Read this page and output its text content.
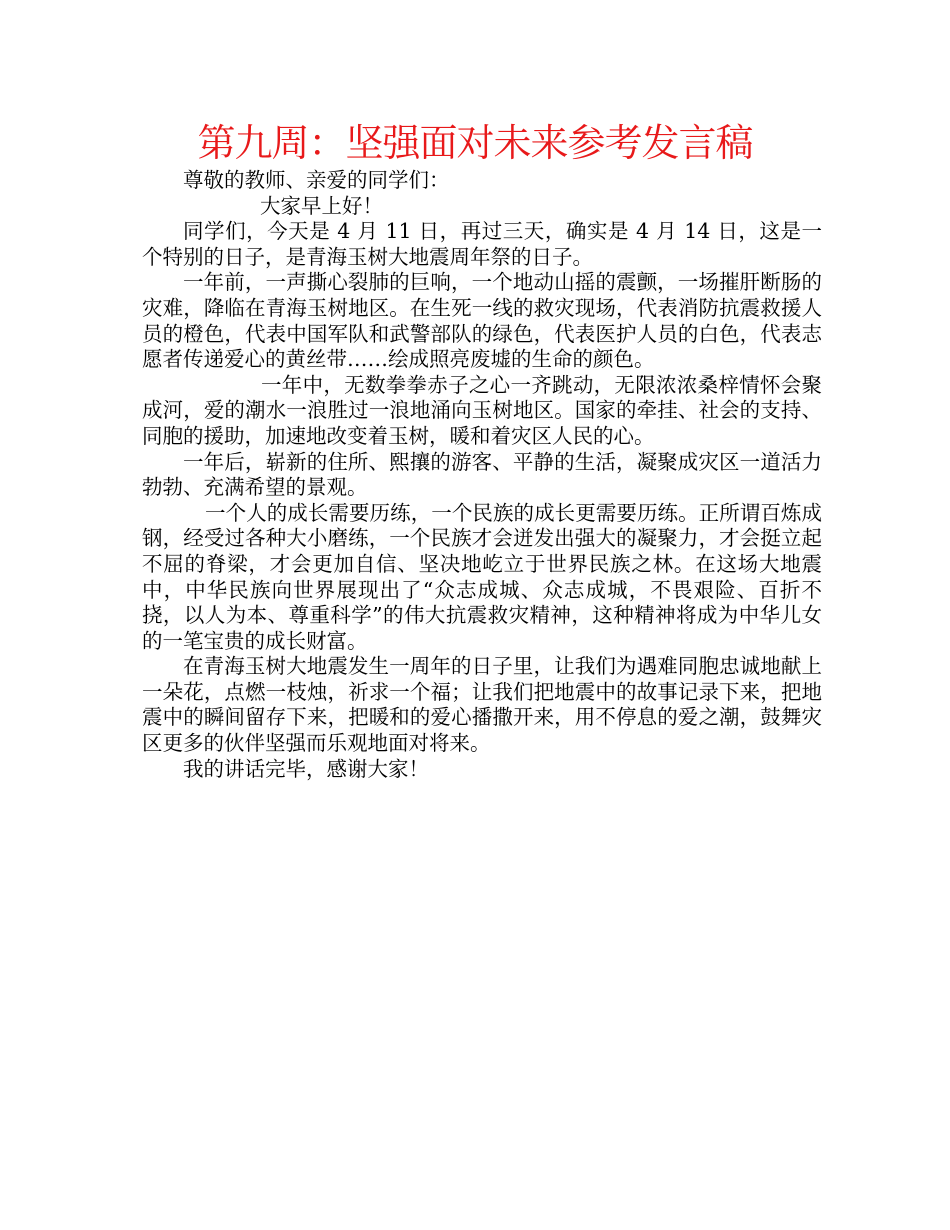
第九周：坚强面对未来参考发言稿

尊敬的教师、亲爱的同学们：

大家早上好！

同学们，今天是 4 月 11 日，再过三天，确实是 4 月 14 日，这是一个特别的日子，是青海玉树大地震周年祭的日子。

一年前，一声撕心裂肺的巨响，一个地动山摇的震颤，一场摧肝断肠的灾难，降临在青海玉树地区。在生死一线的救灾现场，代表消防抗震救援人员的橙色，代表中国军队和武警部队的绿色，代表医护人员的白色，代表志愿者传递爱心的黄丝带……绘成照亮废墟的生命的颜色。

一年中，无数拳拳赤子之心一齐跳动，无限浓浓桑梓情怀会聚成河，爱的潮水一浪胜过一浪地涌向玉树地区。国家的牵挂、社会的支持、同胞的援助，加速地改变着玉树，暖和着灾区人民的心。

一年后，崭新的住所、熙攘的游客、平静的生活，凝聚成灾区一道活力勃勃、充满希望的景观。

一个人的成长需要历练，一个民族的成长更需要历练。正所谓百炼成钢，经受过各种大小磨练，一个民族才会迸发出强大的凝聚力，才会挺立起不屈的脊梁，才会更加自信、坚决地屹立于世界民族之林。在这场大地震中，中华民族向世界展现出了“众志成城、众志成城，不畏艰险、百折不挠，以人为本、尊重科学”的伟大抗震救灾精神，这种精神将成为中华儿女的一笔宝贵的成长财富。

在青海玉树大地震发生一周年的日子里，让我们为遇难同胞忠诚地献上一朵花，点燃一枝烛，祈求一个福；让我们把地震中的故事记录下来，把地震中的瞬间留存下来，把暖和的爱心播撒开来，用不停息的爱之潮，鼓舞灾区更多的伙伴坚强而乐观地面对将来。

我的讲话完毕，感谢大家！
